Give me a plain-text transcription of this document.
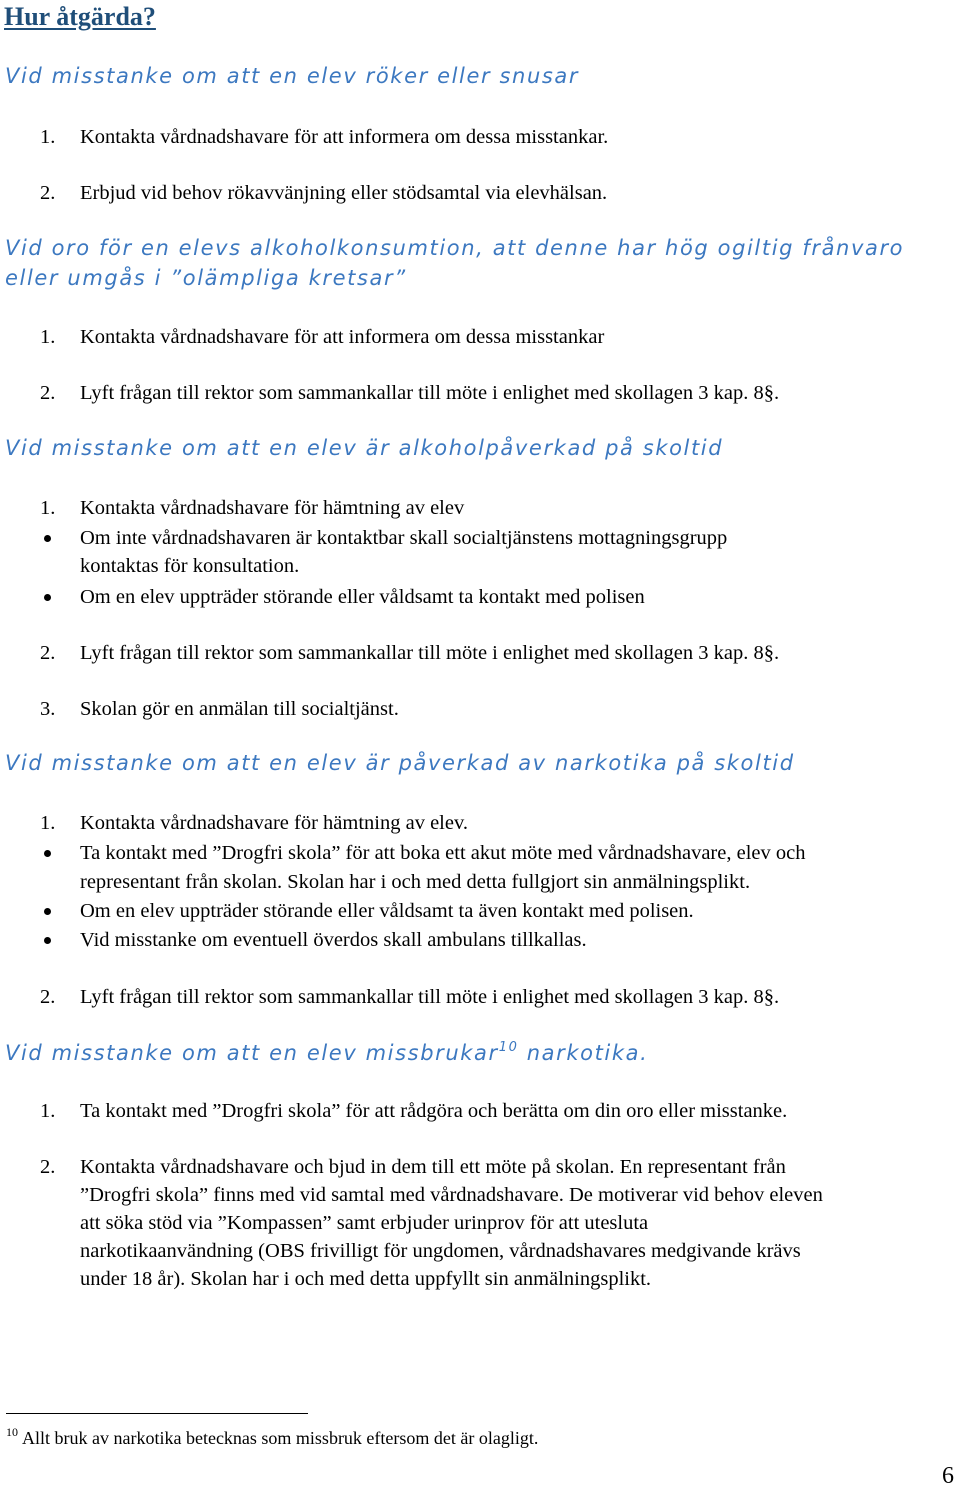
Hur åtgärda?
Vid misstanke om att en elev röker eller snusar
1. Kontakta vårdnadshavare för att informera om dessa misstankar.
2. Erbjud vid behov rökavvänjning eller stödsamtal via elevhälsan.
Vid oro för en elevs alkoholkonsumtion, att denne har hög ogiltig frånvaro
eller umgås i ”olämpliga kretsar”
1. Kontakta vårdnadshavare för att informera om dessa misstankar
2. Lyft frågan till rektor som sammankallar till möte i enlighet med skollagen 3 kap. 8§.
Vid misstanke om att en elev är alkoholpåverkad på skoltid
1. Kontakta vårdnadshavare för hämtning av elev
Om inte vårdnadshavaren är kontaktbar skall socialtjänstens mottagningsgrupp
kontaktas för konsultation.
Om en elev uppträder störande eller våldsamt ta kontakt med polisen
2. Lyft frågan till rektor som sammankallar till möte i enlighet med skollagen 3 kap. 8§.
3. Skolan gör en anmälan till socialtjänst.
Vid misstanke om att en elev är påverkad av narkotika på skoltid
1. Kontakta vårdnadshavare för hämtning av elev.
Ta kontakt med ”Drogfri skola” för att boka ett akut möte med vårdnadshavare, elev och
representant från skolan. Skolan har i och med detta fullgjort sin anmälningsplikt.
Om en elev uppträder störande eller våldsamt ta även kontakt med polisen.
Vid misstanke om eventuell överdos skall ambulans tillkallas.
2. Lyft frågan till rektor som sammankallar till möte i enlighet med skollagen 3 kap. 8§.
Vid misstanke om att en elev missbrukar$^{10}$ narkotika.
1. Ta kontakt med ”Drogfri skola” för att rådgöra och berätta om din oro eller misstanke.
2. Kontakta vårdnadshavare och bjud in dem till ett möte på skolan. En representant från
”Drogfri skola” finns med vid samtal med vårdnadshavare. De motiverar vid behov eleven
att söka stöd via ”Kompassen” samt erbjuder urinprov för att utesluta
narkotikaanvändning (OBS frivilligt för ungdomen, vårdnadshavares medgivande krävs
under 18 år). Skolan har i och med detta uppfyllt sin anmälningsplikt.
$^{10}$ Allt bruk av narkotika betecknas som missbruk eftersom det är olagligt.
6
